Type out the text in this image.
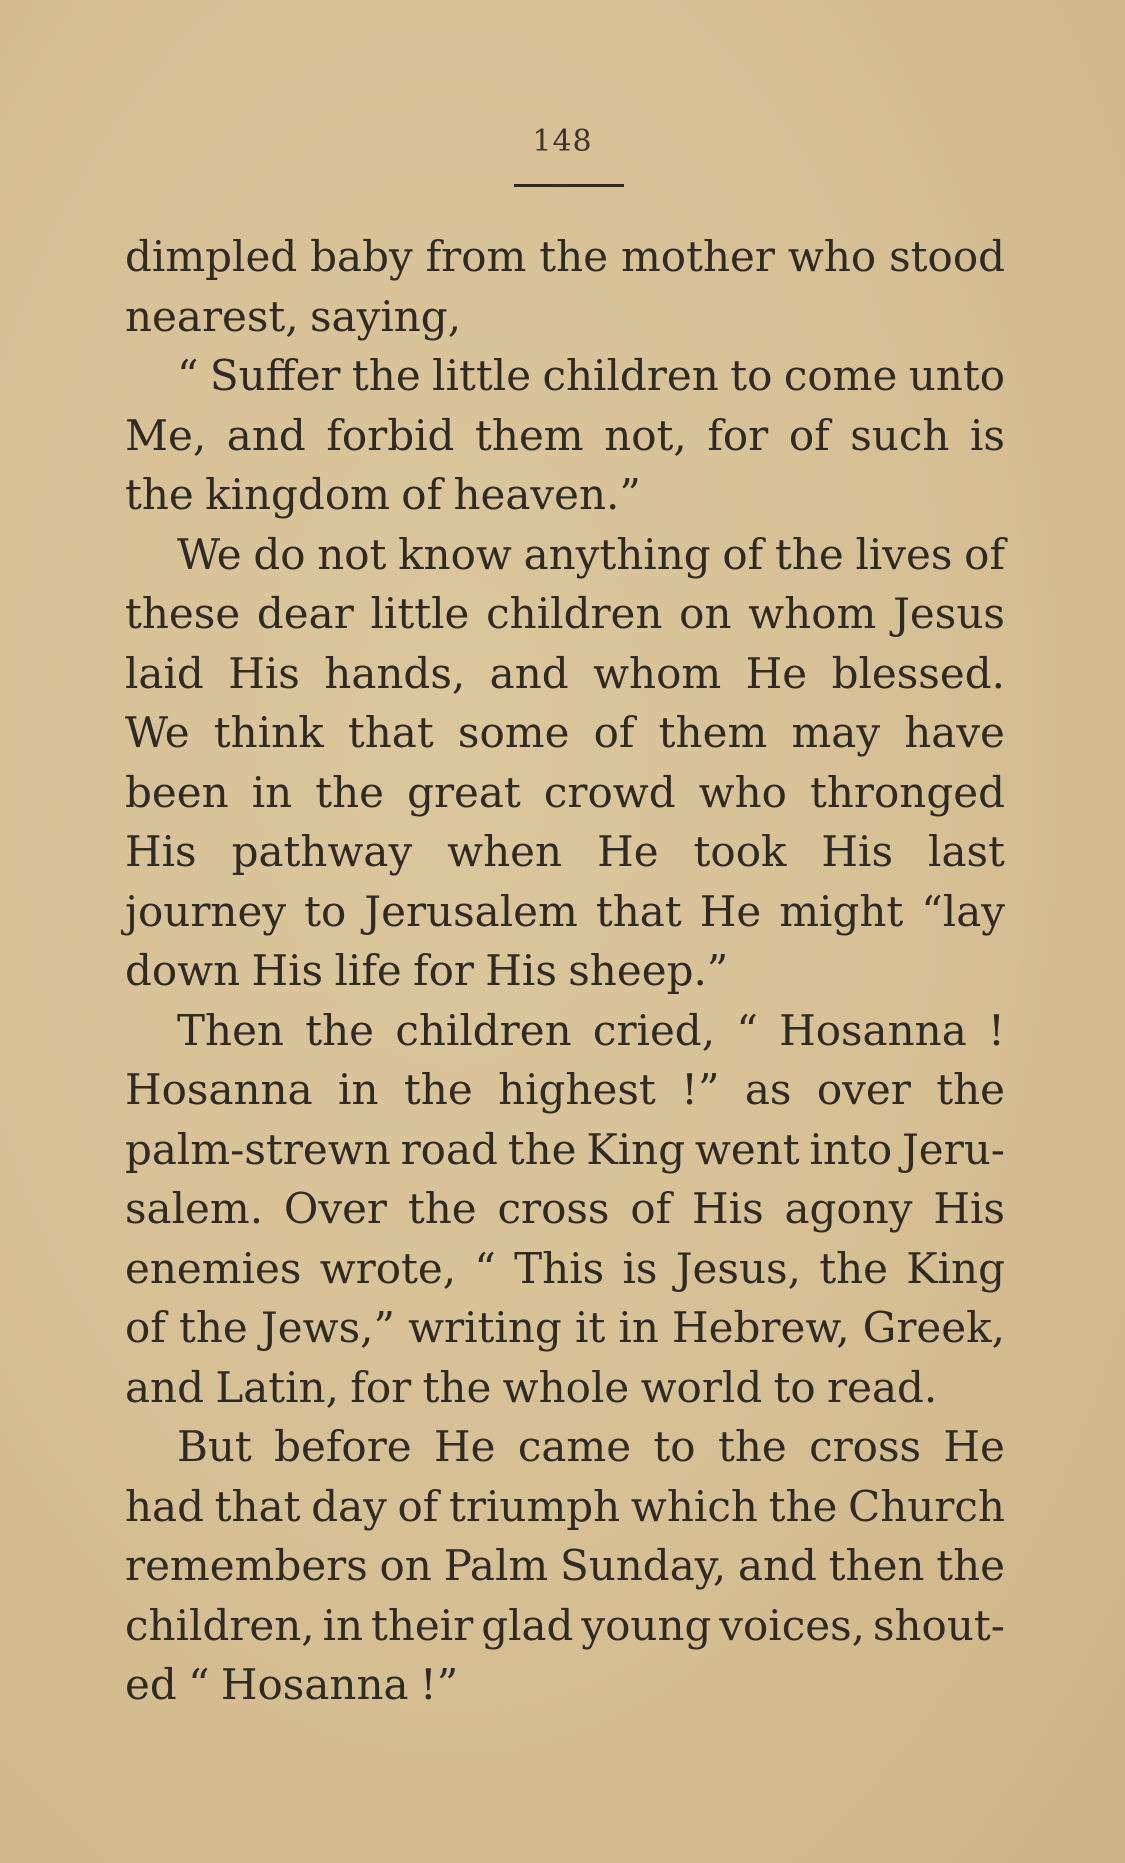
148
dimpled baby from the mother who stood
nearest, saying,
“ Suffer the little children to come unto
Me, and forbid them not, for of such is
the kingdom of heaven.”
We do not know anything of the lives of
these dear little children on whom Jesus
laid His hands, and whom He blessed.
We think that some of them may have
been in the great crowd who thronged
His pathway when He took His last
journey to Jerusalem that He might “lay
down His life for His sheep.”
Then the children cried, “ Hosanna !
Hosanna in the highest !” as over the
palm-strewn road the King went into Jeru-
salem. Over the cross of His agony His
enemies wrote, “ This is Jesus, the King
of the Jews,” writing it in Hebrew, Greek,
and Latin, for the whole world to read.
But before He came to the cross He
had that day of triumph which the Church
remembers on Palm Sunday, and then the
children, in their glad young voices, shout-
ed “ Hosanna !”
